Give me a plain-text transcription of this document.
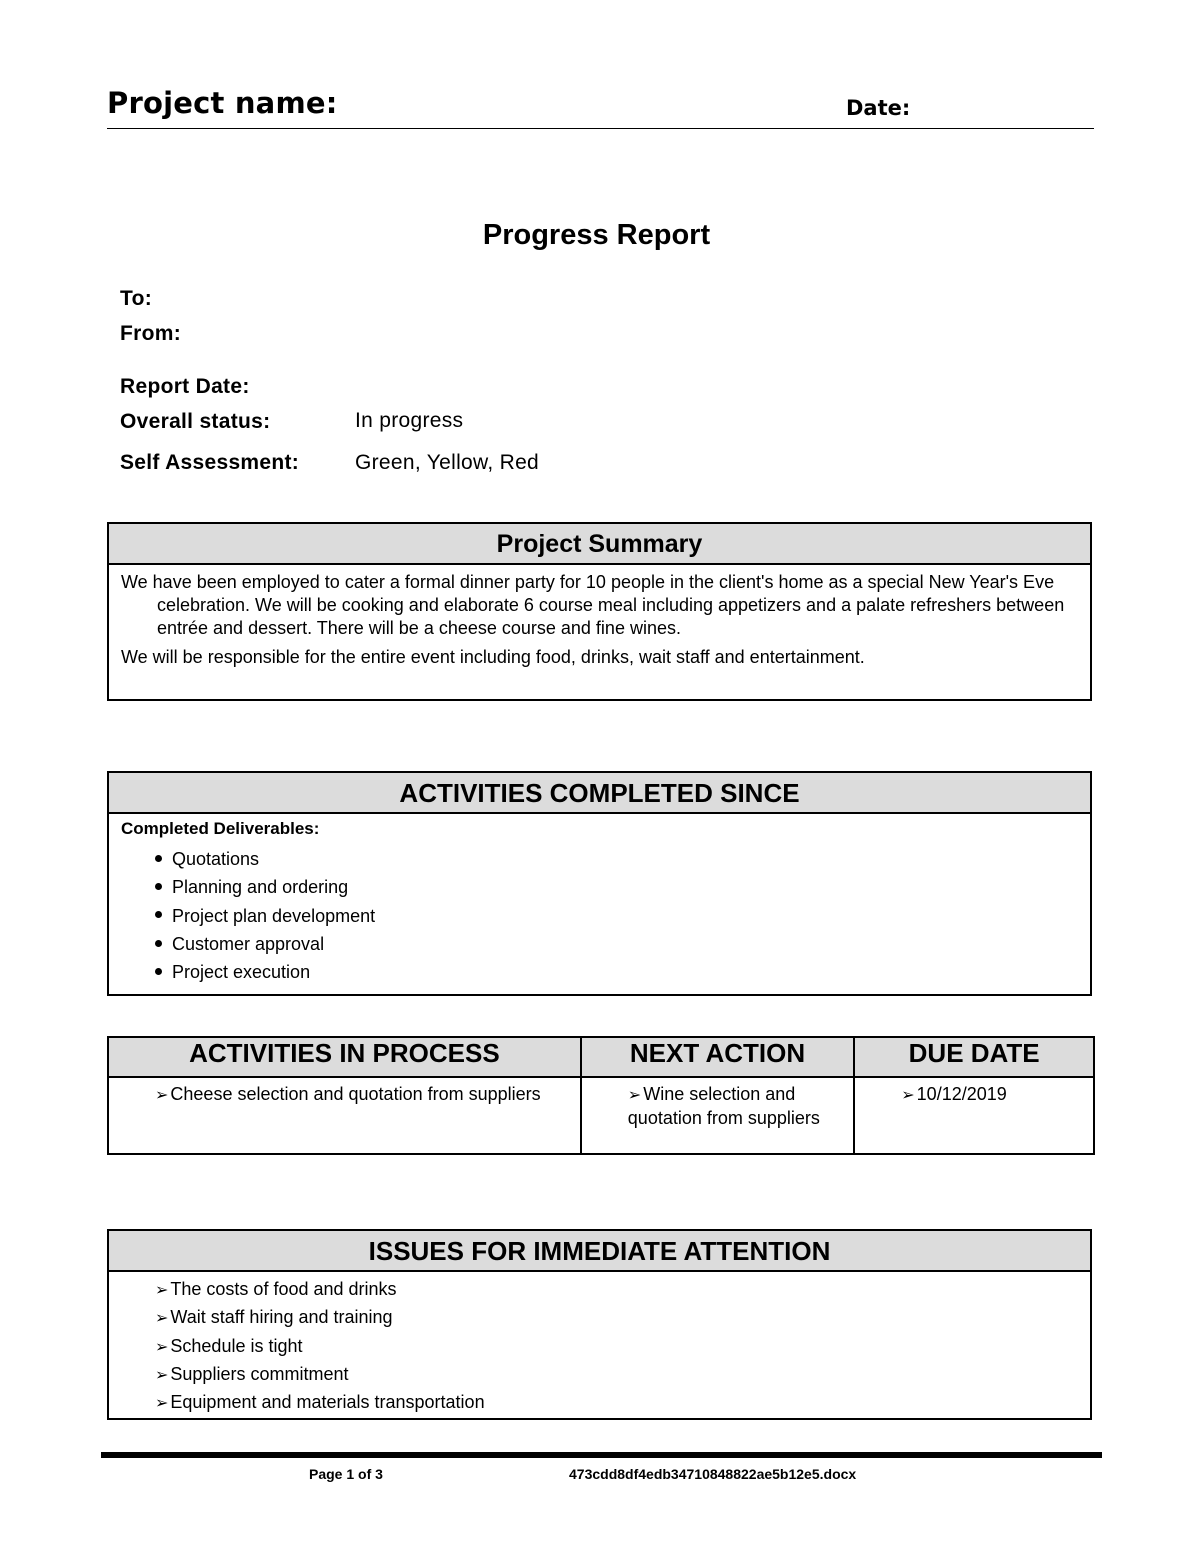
Project name:	Date:
Progress Report
To:
From:
Report Date:
Overall status:	In progress
Self Assessment:	Green, Yellow, Red
Project Summary

We have been employed to cater a formal dinner party for 10 people in the client's home as a special New Year's Eve celebration. We will be cooking and elaborate 6 course meal including appetizers and a palate refreshers between entrée and dessert. There will be a cheese course and fine wines.

We will be responsible for the entire event including food, drinks, wait staff and entertainment.

ACTIVITIES COMPLETED SINCE
Completed Deliverables:
Quotations
Planning and ordering
Project plan development
Customer approval
Project execution
ACTIVITIES IN PROCESS	NEXT ACTION	DUE DATE
➢ Cheese selection and quotation from suppliers	➢ Wine selection and quotation from suppliers	➢ 10/12/2019
ISSUES FOR IMMEDIATE ATTENTION
➢ The costs of food and drinks
➢ Wait staff hiring and training
➢ Schedule is tight
➢ Suppliers commitment
➢ Equipment and materials transportation
Page 1 of 3	473cdd8df4edb34710848822ae5b12e5.docx
